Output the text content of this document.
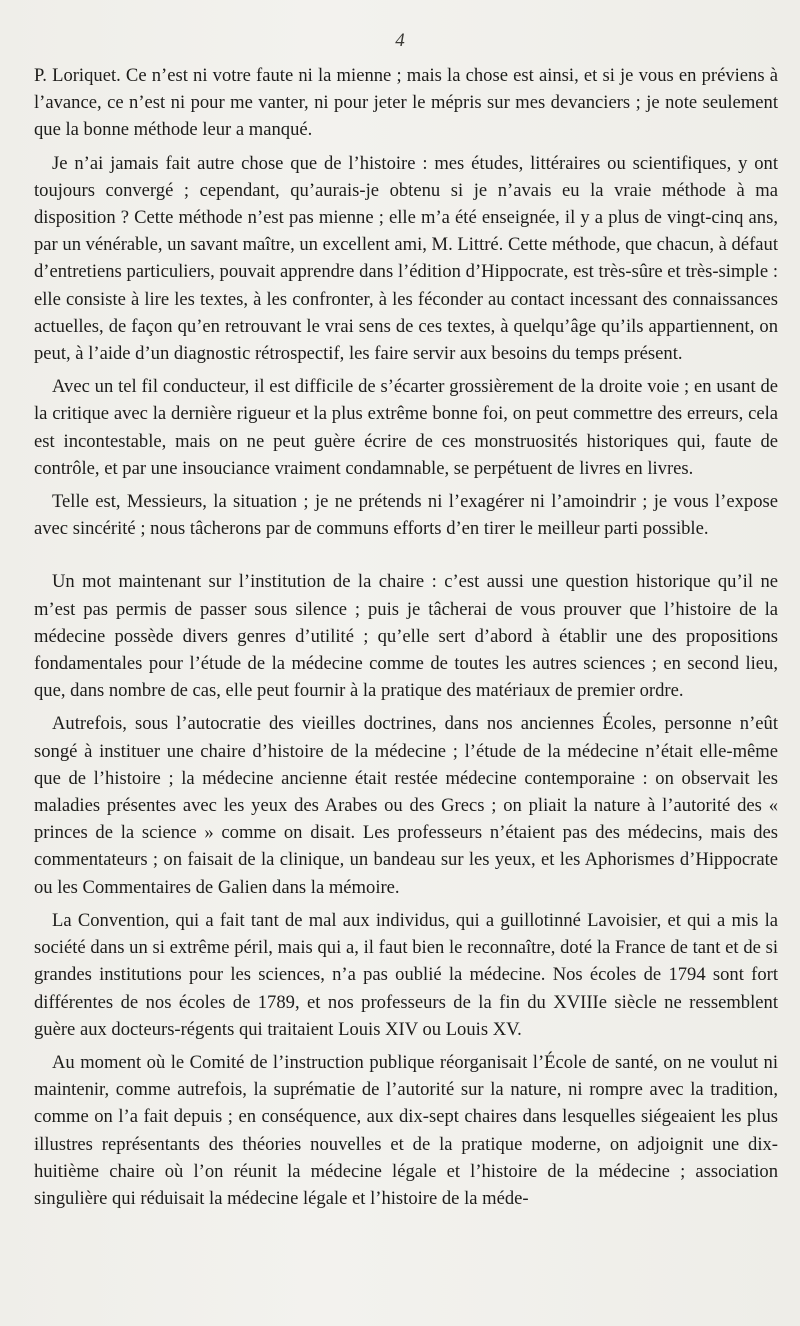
4

P. Loriquet. Ce n’est ni votre faute ni la mienne ; mais la chose est ainsi, et si je vous en préviens à l’avance, ce n’est ni pour me vanter, ni pour jeter le mépris sur mes devanciers ; je note seulement que la bonne méthode leur a manqué.

Je n’ai jamais fait autre chose que de l’histoire : mes études, littéraires ou scientifiques, y ont toujours convergé ; cependant, qu’aurais-je obtenu si je n’avais eu la vraie méthode à ma disposition ? Cette méthode n’est pas mienne ; elle m’a été enseignée, il y a plus de vingt-cinq ans, par un vénérable, un savant maître, un excellent ami, M. Littré. Cette méthode, que chacun, à défaut d’entretiens particuliers, pouvait apprendre dans l’édition d’Hippocrate, est très-sûre et très-simple : elle consiste à lire les textes, à les confronter, à les féconder au contact incessant des connaissances actuelles, de façon qu’en retrouvant le vrai sens de ces textes, à quelqu’âge qu’ils appartiennent, on peut, à l’aide d’un diagnostic rétrospectif, les faire servir aux besoins du temps présent.

Avec un tel fil conducteur, il est difficile de s’écarter grossièrement de la droite voie ; en usant de la critique avec la dernière rigueur et la plus extrême bonne foi, on peut commettre des erreurs, cela est incontestable, mais on ne peut guère écrire de ces monstruosités historiques qui, faute de contrôle, et par une insouciance vraiment condamnable, se perpétuent de livres en livres.

Telle est, Messieurs, la situation ; je ne prétends ni l’exagérer ni l’amoindrir ; je vous l’expose avec sincérité ; nous tâcherons par de communs efforts d’en tirer le meilleur parti possible.

Un mot maintenant sur l’institution de la chaire : c’est aussi une question historique qu’il ne m’est pas permis de passer sous silence ; puis je tâcherai de vous prouver que l’histoire de la médecine possède divers genres d’utilité ; qu’elle sert d’abord à établir une des propositions fondamentales pour l’étude de la médecine comme de toutes les autres sciences ; en second lieu, que, dans nombre de cas, elle peut fournir à la pratique des matériaux de premier ordre.

Autrefois, sous l’autocratie des vieilles doctrines, dans nos anciennes Écoles, personne n’eût songé à instituer une chaire d’histoire de la médecine ; l’étude de la médecine n’était elle-même que de l’histoire ; la médecine ancienne était restée médecine contemporaine : on observait les maladies présentes avec les yeux des Arabes ou des Grecs ; on pliait la nature à l’autorité des « princes de la science » comme on disait. Les professeurs n’étaient pas des médecins, mais des commentateurs ; on faisait de la clinique, un bandeau sur les yeux, et les Aphorismes d’Hippocrate ou les Commentaires de Galien dans la mémoire.

La Convention, qui a fait tant de mal aux individus, qui a guillotinné Lavoisier, et qui a mis la société dans un si extrême péril, mais qui a, il faut bien le reconnaître, doté la France de tant et de si grandes institutions pour les sciences, n’a pas oublié la médecine. Nos écoles de 1794 sont fort différentes de nos écoles de 1789, et nos professeurs de la fin du XVIIIe siècle ne ressemblent guère aux docteurs-régents qui traitaient Louis XIV ou Louis XV.

Au moment où le Comité de l’instruction publique réorganisait l’École de santé, on ne voulut ni maintenir, comme autrefois, la suprématie de l’autorité sur la nature, ni rompre avec la tradition, comme on l’a fait depuis ; en conséquence, aux dix-sept chaires dans lesquelles siégeaient les plus illustres représentants des théories nouvelles et de la pratique moderne, on adjoignit une dix-huitième chaire où l’on réunit la médecine légale et l’histoire de la médecine ; association singulière qui réduisait la médecine légale et l’histoire de la méde-
